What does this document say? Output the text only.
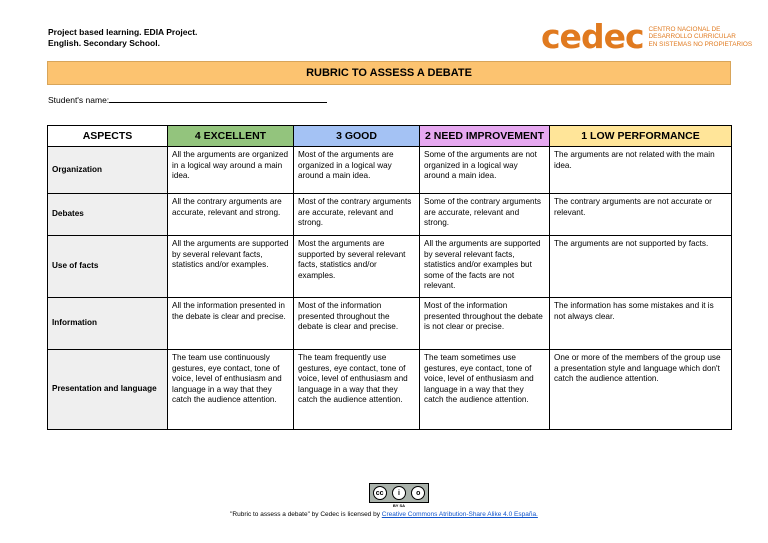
Project based learning. EDIA Project.
English. Secondary School.	cedec CENTRO NACIONAL DE
DESARROLLO CURRICULAR
EN SISTEMAS NO PROPIETARIOS
RUBRIC TO ASSESS A DEBATE
Student's name:
ASPECTS	4 EXCELLENT	3 GOOD	2 NEED IMPROVEMENT	1 LOW PERFORMANCE
Organization	All the arguments are organized in a logical way around a main idea.	Most of the arguments are organized in a logical way around a main idea.	Some of the arguments are not organized in a logical way around a main idea.	The arguments are not related with the main idea.
Debates	All the contrary arguments are accurate, relevant and strong.	Most of the contrary arguments are accurate, relevant and strong.	Some of the contrary arguments are accurate, relevant and strong.	The contrary arguments are not accurate or relevant.
Use of facts	All the arguments are supported by several relevant facts, statistics and/or examples.	Most the arguments are supported by several relevant facts, statistics and/or examples.	All the arguments are supported by several relevant facts, statistics and/or examples but some of the facts are not relevant.	The arguments are not supported by facts.
Information	All the information presented in the debate is clear and precise.	Most of the information presented throughout the debate is clear and precise.	Most of the information presented throughout the debate is not clear or precise.	The information has some mistakes and it is not always clear.
Presentation and language	The team use continuously gestures, eye contact, tone of voice, level of enthusiasm and language in a way that they catch the audience attention.	The team frequently use gestures, eye contact, tone of voice, level of enthusiasm and language in a way that they catch the audience attention.	The team sometimes use gestures, eye contact, tone of voice, level of enthusiasm and language in a way that they catch the audience attention.	One or more of the members of the group use a presentation style and language which don't catch the audience attention.
cc	i	o
BY SA
"Rubric to assess a debate" by Cedec is licensed by Creative Commons Atribution-Share Alike 4.0 España.
